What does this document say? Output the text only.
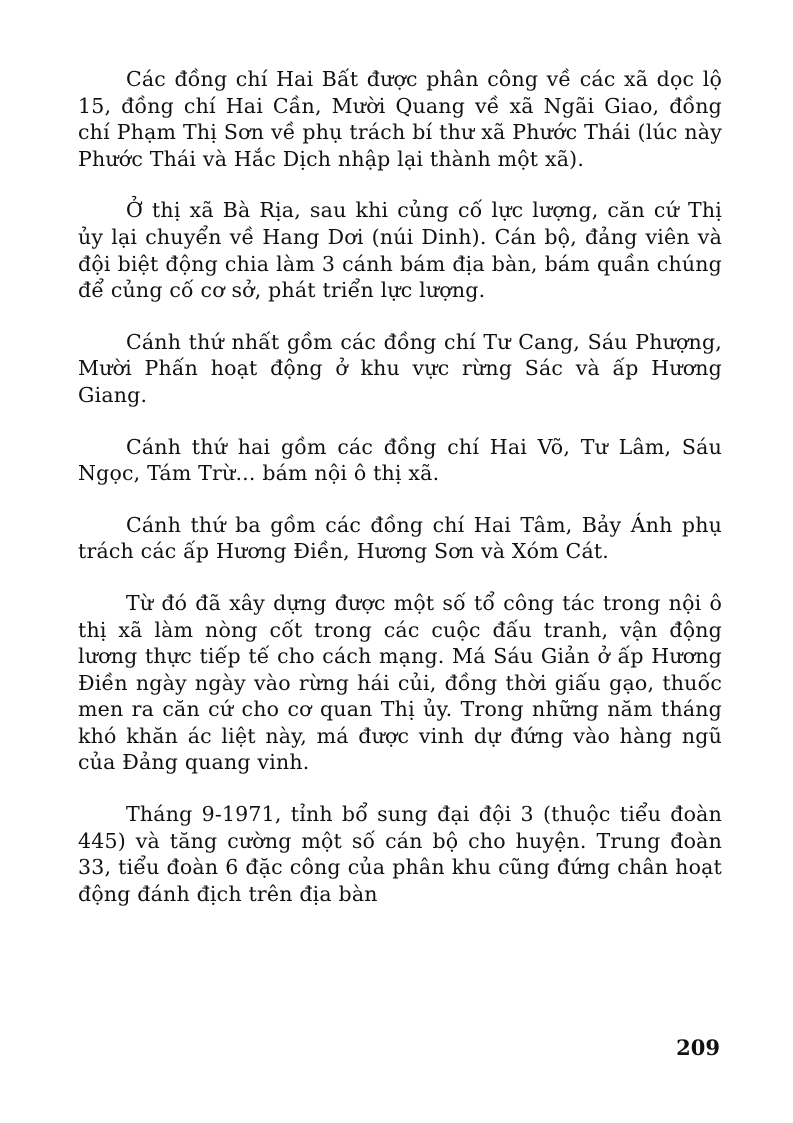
Các đồng chí Hai Bất được phân công về các xã dọc lộ 15, đồng chí Hai Cần, Mười Quang về xã Ngãi Giao, đồng chí Phạm Thị Sơn về phụ trách bí thư xã Phước Thái (lúc này Phước Thái và Hắc Dịch nhập lại thành một xã).

Ở thị xã Bà Rịa, sau khi củng cố lực lượng, căn cứ Thị ủy lại chuyển về Hang Dơi (núi Dinh). Cán bộ, đảng viên và đội biệt động chia làm 3 cánh bám địa bàn, bám quần chúng để củng cố cơ sở, phát triển lực lượng.

Cánh thứ nhất gồm các đồng chí Tư Cang, Sáu Phượng, Mười Phấn hoạt động ở khu vực rừng Sác và ấp Hương Giang.

Cánh thứ hai gồm các đồng chí Hai Võ, Tư Lâm, Sáu Ngọc, Tám Trừ... bám nội ô thị xã.

Cánh thứ ba gồm các đồng chí Hai Tâm, Bảy Ánh phụ trách các ấp Hương Điền, Hương Sơn và Xóm Cát.

Từ đó đã xây dựng được một số tổ công tác trong nội ô thị xã làm nòng cốt trong các cuộc đấu tranh, vận động lương thực tiếp tế cho cách mạng. Má Sáu Giản ở ấp Hương Điền ngày ngày vào rừng hái củi, đồng thời giấu gạo, thuốc men ra căn cứ cho cơ quan Thị ủy. Trong những năm tháng khó khăn ác liệt này, má được vinh dự đứng vào hàng ngũ của Đảng quang vinh.

Tháng 9-1971, tỉnh bổ sung đại đội 3 (thuộc tiểu đoàn 445) và tăng cường một số cán bộ cho huyện. Trung đoàn 33, tiểu đoàn 6 đặc công của phân khu cũng đứng chân hoạt động đánh địch trên địa bàn

209
